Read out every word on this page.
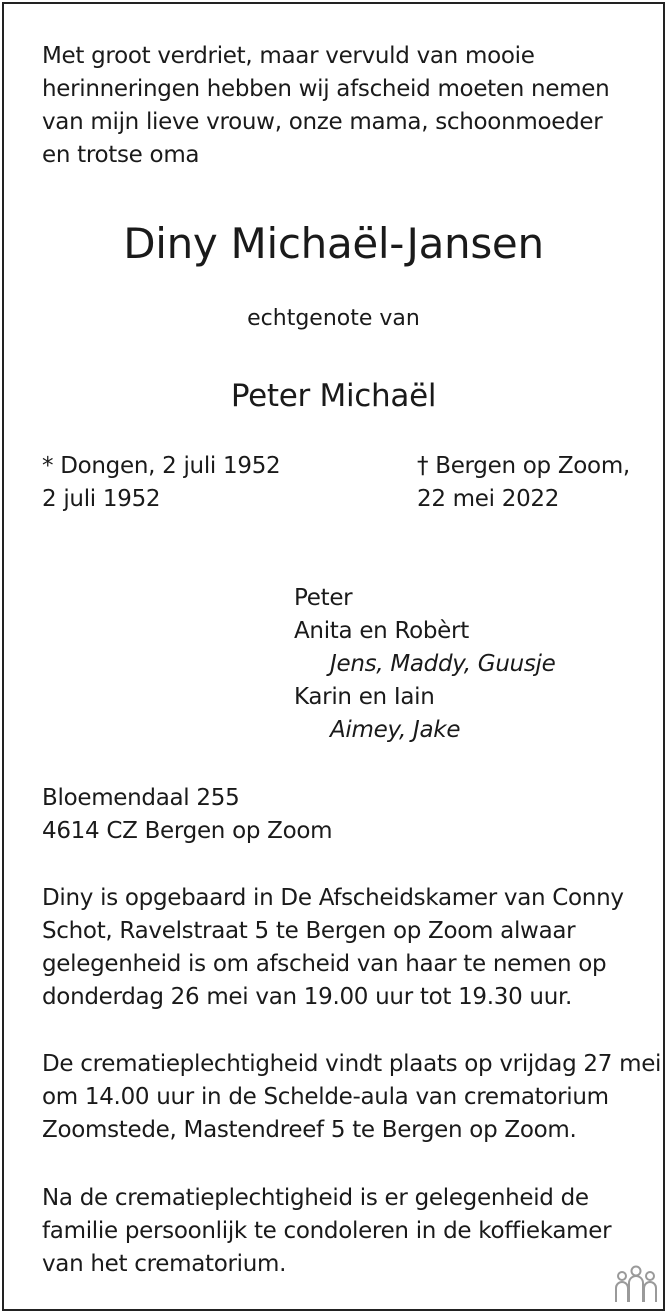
Met groot verdriet, maar vervuld van mooie
herinneringen hebben wij afscheid moeten nemen
van mijn lieve vrouw, onze mama, schoonmoeder
en trotse oma
Diny Michaël-Jansen
echtgenote van
Peter Michaël
* Dongen, 2 juli 1952
2 juli 1952
† Bergen op Zoom,
22 mei 2022
Peter
Anita en Robèrt
Jens, Maddy, Guusje
Karin en Iain
Aimey, Jake
Bloemendaal 255
4614 CZ Bergen op Zoom
Diny is opgebaard in De Afscheidskamer van Conny
Schot, Ravelstraat 5 te Bergen op Zoom alwaar
gelegenheid is om afscheid van haar te nemen op
donderdag 26 mei van 19.00 uur tot 19.30 uur.
De crematieplechtigheid vindt plaats op vrijdag 27 mei
om 14.00 uur in de Schelde-aula van crematorium
Zoomstede, Mastendreef 5 te Bergen op Zoom.
Na de crematieplechtigheid is er gelegenheid de
familie persoonlijk te condoleren in de koffiekamer
van het crematorium.
